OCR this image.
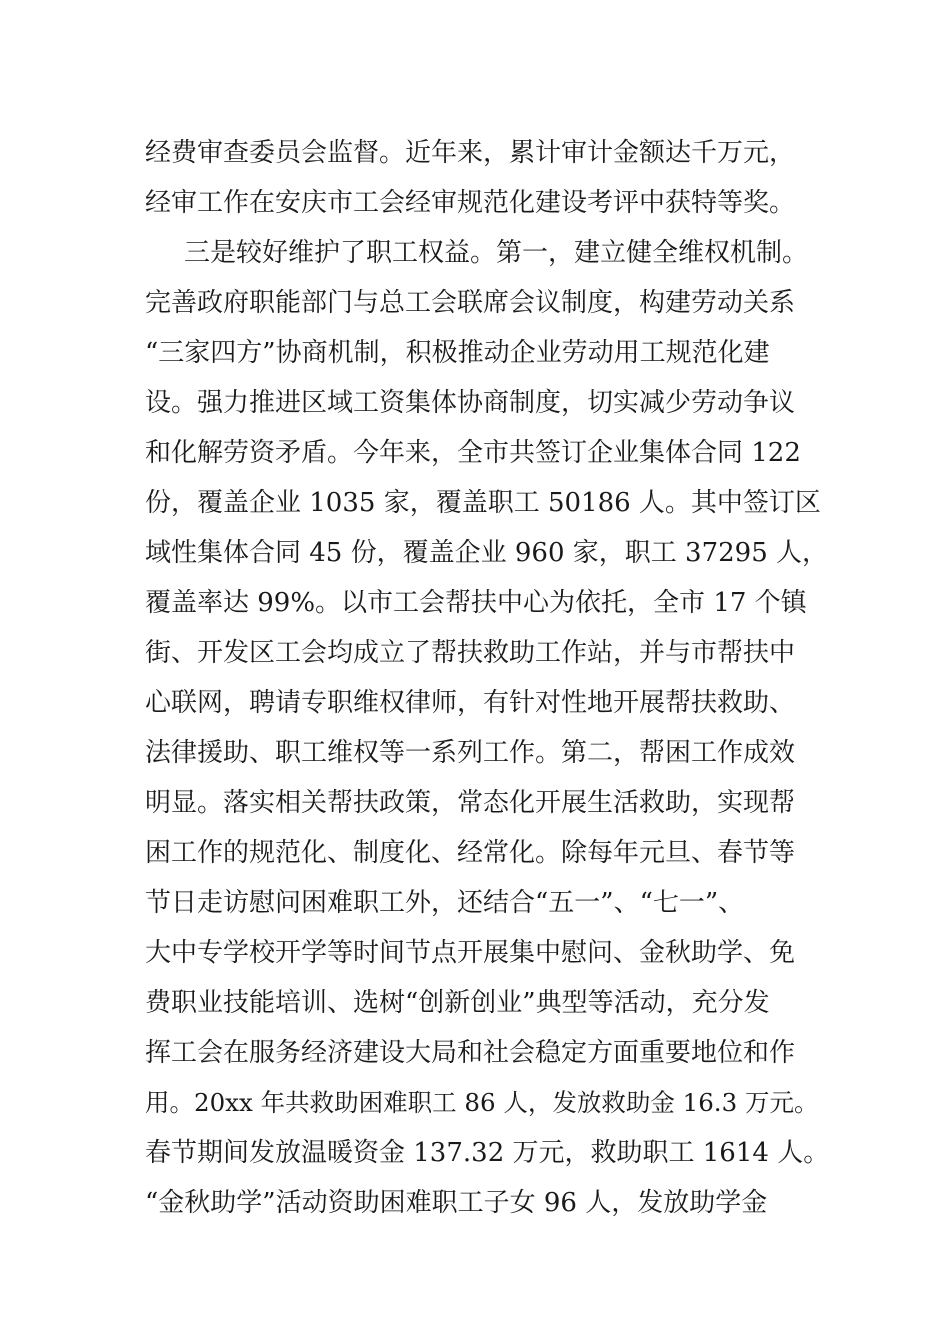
经费审查委员会监督。近年来，累计审计金额达千万元，
经审工作在安庆市工会经审规范化建设考评中获特等奖。
三是较好维护了职工权益。第一，建立健全维权机制。
完善政府职能部门与总工会联席会议制度，构建劳动关系
“三家四方”协商机制，积极推动企业劳动用工规范化建
设。强力推进区域工资集体协商制度，切实减少劳动争议
和化解劳资矛盾。今年来，全市共签订企业集体合同 122
份，覆盖企业 1035 家，覆盖职工 50186 人。其中签订区
域性集体合同 45 份，覆盖企业 960 家，职工 37295 人，
覆盖率达 99%。以市工会帮扶中心为依托，全市 17 个镇
街、开发区工会均成立了帮扶救助工作站，并与市帮扶中
心联网，聘请专职维权律师，有针对性地开展帮扶救助、
法律援助、职工维权等一系列工作。第二，帮困工作成效
明显。落实相关帮扶政策，常态化开展生活救助，实现帮
困工作的规范化、制度化、经常化。除每年元旦、春节等
节日走访慰问困难职工外，还结合“五一”、“七一”、
大中专学校开学等时间节点开展集中慰问、金秋助学、免
费职业技能培训、选树“创新创业”典型等活动，充分发
挥工会在服务经济建设大局和社会稳定方面重要地位和作
用。20xx 年共救助困难职工 86 人，发放救助金 16.3 万元。
春节期间发放温暖资金 137.32 万元，救助职工 1614 人。
“金秋助学”活动资助困难职工子女 96 人，发放助学金
